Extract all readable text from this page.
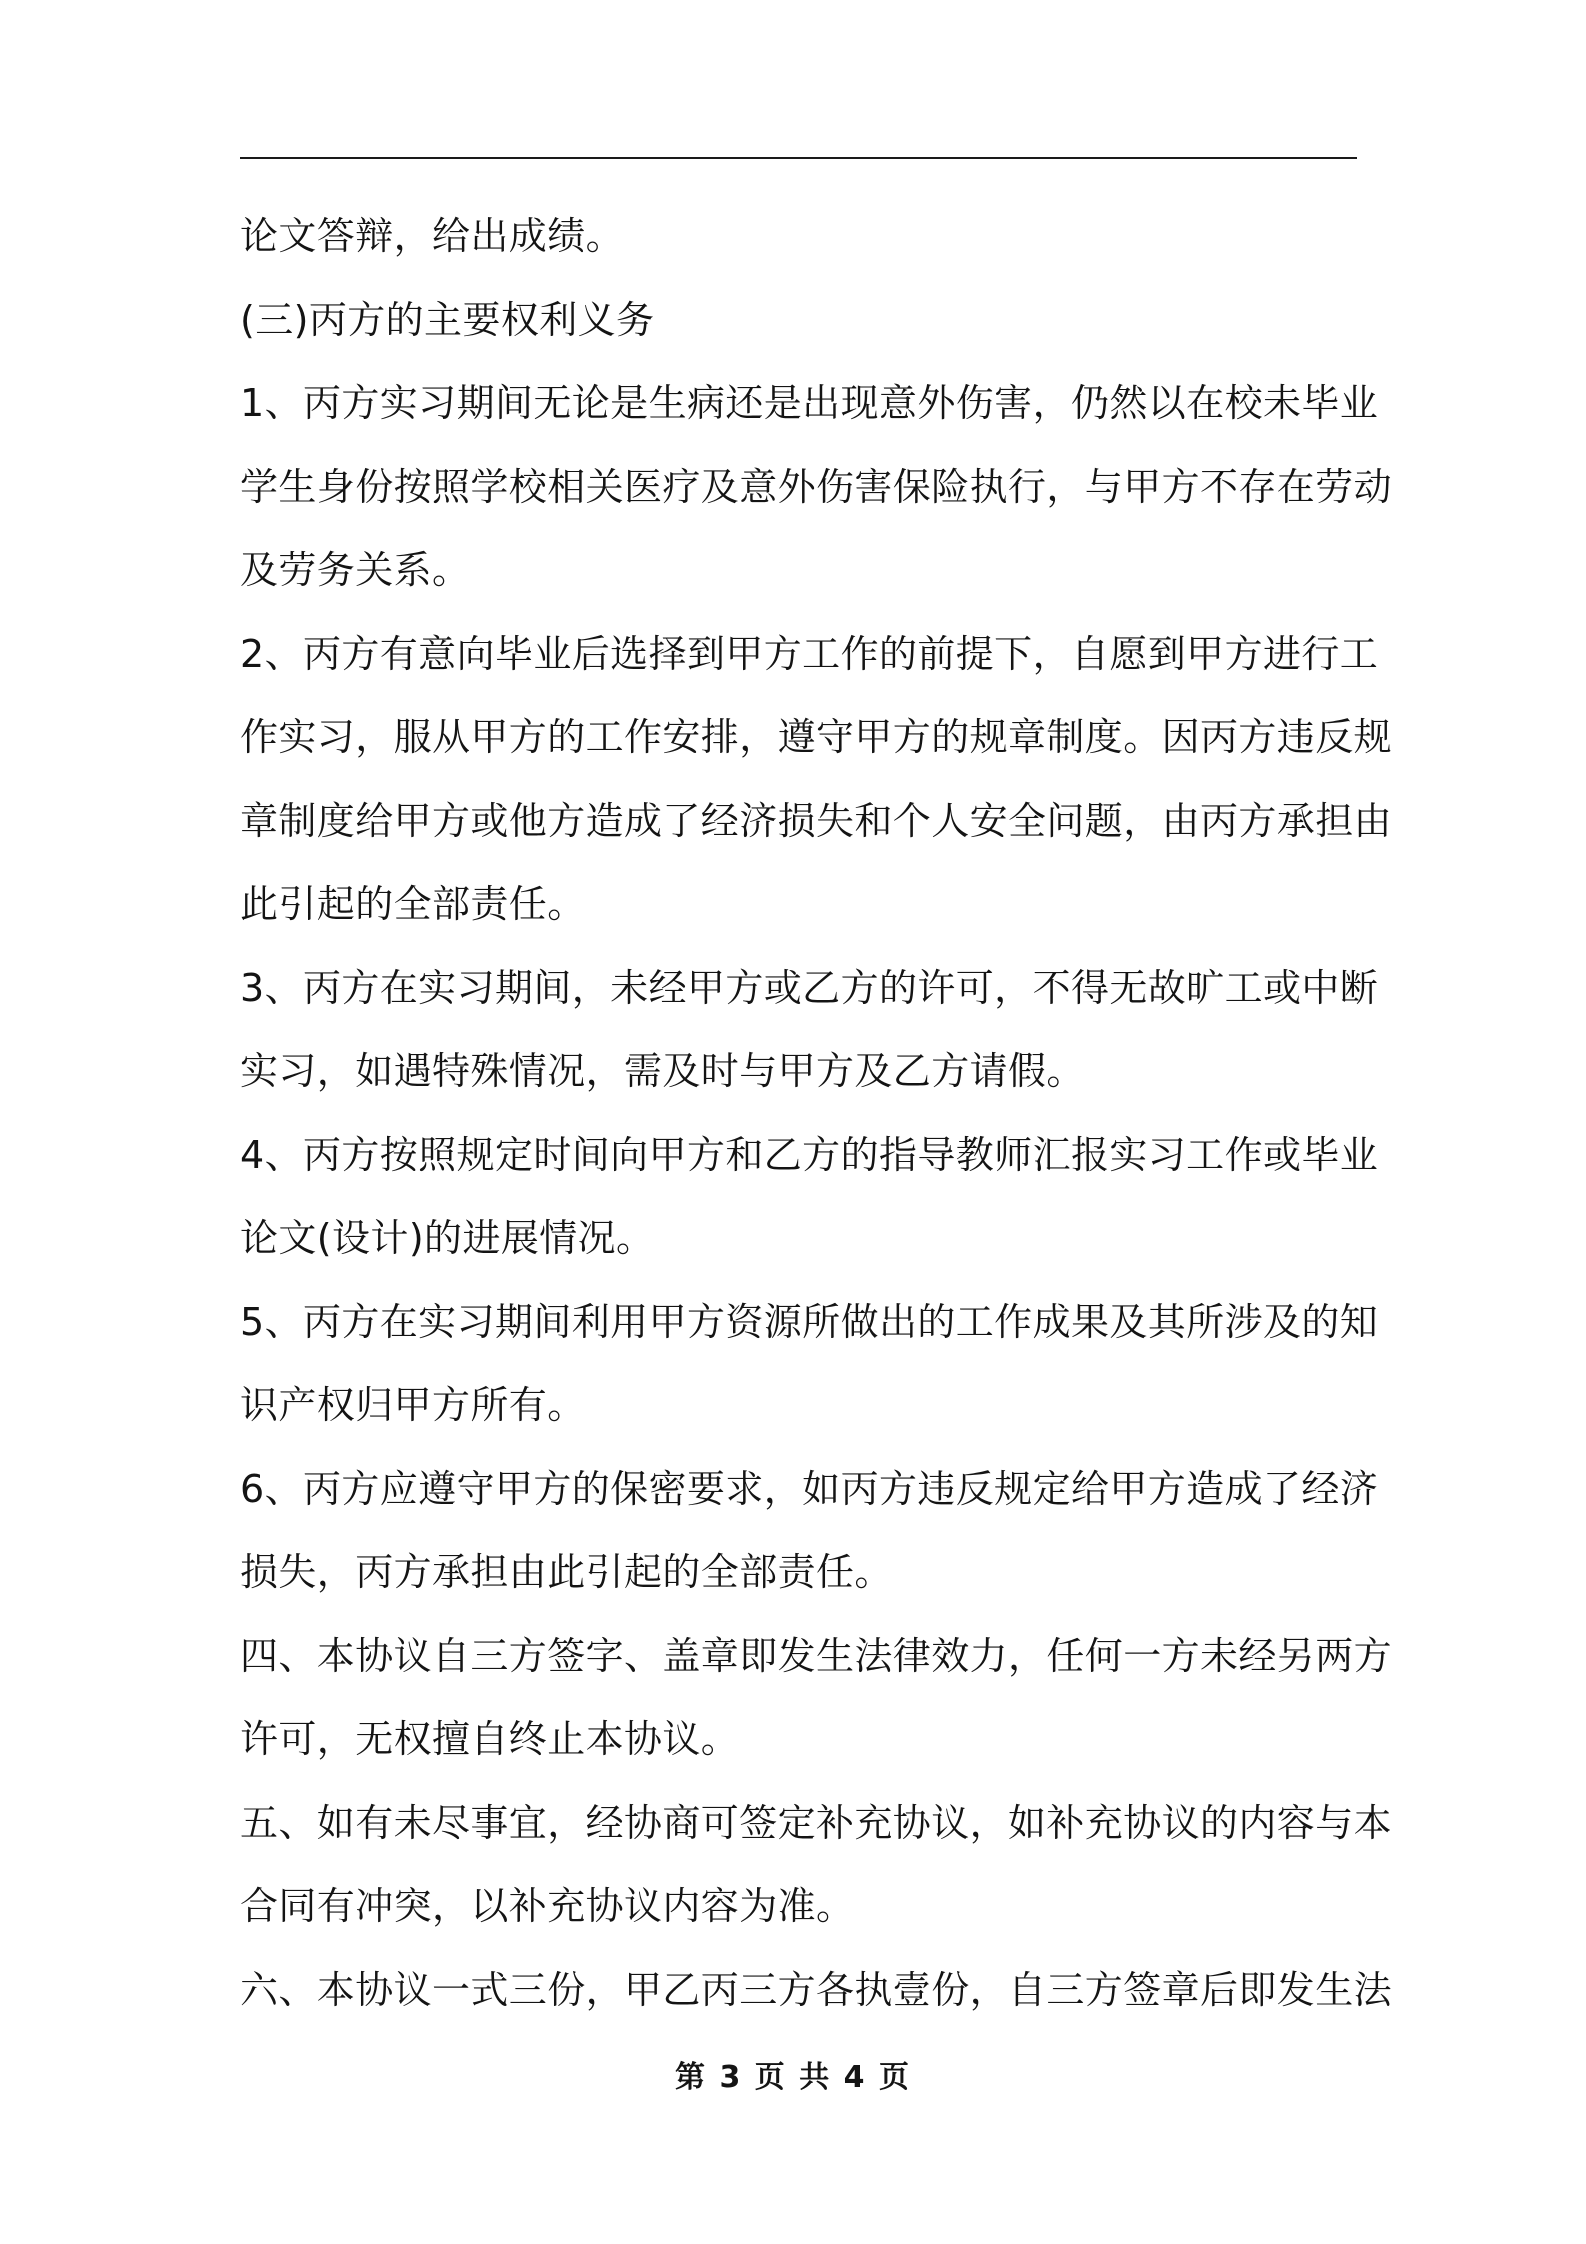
论文答辩，给出成绩。
(三)丙方的主要权利义务
1、丙方实习期间无论是生病还是出现意外伤害，仍然以在校未毕业
学生身份按照学校相关医疗及意外伤害保险执行，与甲方不存在劳动
及劳务关系。
2、丙方有意向毕业后选择到甲方工作的前提下，自愿到甲方进行工
作实习，服从甲方的工作安排，遵守甲方的规章制度。因丙方违反规
章制度给甲方或他方造成了经济损失和个人安全问题，由丙方承担由
此引起的全部责任。
3、丙方在实习期间，未经甲方或乙方的许可，不得无故旷工或中断
实习，如遇特殊情况，需及时与甲方及乙方请假。
4、丙方按照规定时间向甲方和乙方的指导教师汇报实习工作或毕业
论文(设计)的进展情况。
5、丙方在实习期间利用甲方资源所做出的工作成果及其所涉及的知
识产权归甲方所有。
6、丙方应遵守甲方的保密要求，如丙方违反规定给甲方造成了经济
损失，丙方承担由此引起的全部责任。
四、本协议自三方签字、盖章即发生法律效力，任何一方未经另两方
许可，无权擅自终止本协议。
五、如有未尽事宜，经协商可签定补充协议，如补充协议的内容与本
合同有冲突，以补充协议内容为准。
六、本协议一式三份，甲乙丙三方各执壹份，自三方签章后即发生法
第 3 页 共 4 页
